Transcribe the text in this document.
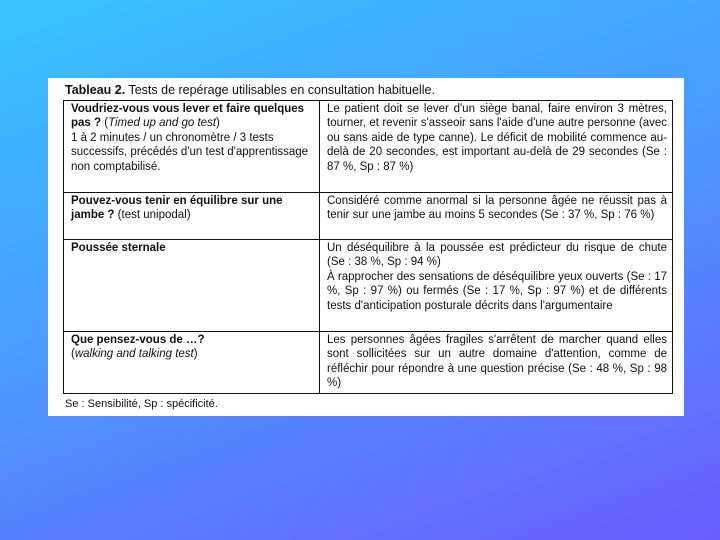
Tableau 2. Tests de repérage utilisables en consultation habituelle.
Voudriez-vous vous lever et faire quelques pas ? (Timed up and go test)
1 à 2 minutes / un chronomètre / 3 tests successifs, précédés d'un test d'apprentissage non comptabilisé.	Le patient doit se lever d'un siège banal, faire environ 3 mètres, tourner, et revenir s'asseoir sans l'aide d'une autre personne (avec ou sans aide de type canne). Le déficit de mobilité commence au-delà de 20 secondes, est important au-delà de 29 secondes (Se : 87 %, Sp : 87 %)
Pouvez-vous tenir en équilibre sur une jambe ? (test unipodal)	Considéré comme anormal si la personne âgée ne réussit pas à tenir sur une jambe au moins 5 secondes (Se : 37 %, Sp : 76 %)
Poussée sternale	Un déséquilibre à la poussée est prédicteur du risque de chute (Se : 38 %, Sp : 94 %)
À rapprocher des sensations de déséquilibre yeux ouverts (Se : 17 %, Sp : 97 %) ou fermés (Se : 17 %, Sp : 97 %) et de différents tests d'anticipation posturale décrits dans l'argumentaire
Que pensez-vous de …?
(walking and talking test)	Les personnes âgées fragiles s'arrêtent de marcher quand elles sont sollicitées sur un autre domaine d'attention, comme de réfléchir pour répondre à une question précise (Se : 48 %, Sp : 98 %)
Se : Sensibilité, Sp : spécificité.
